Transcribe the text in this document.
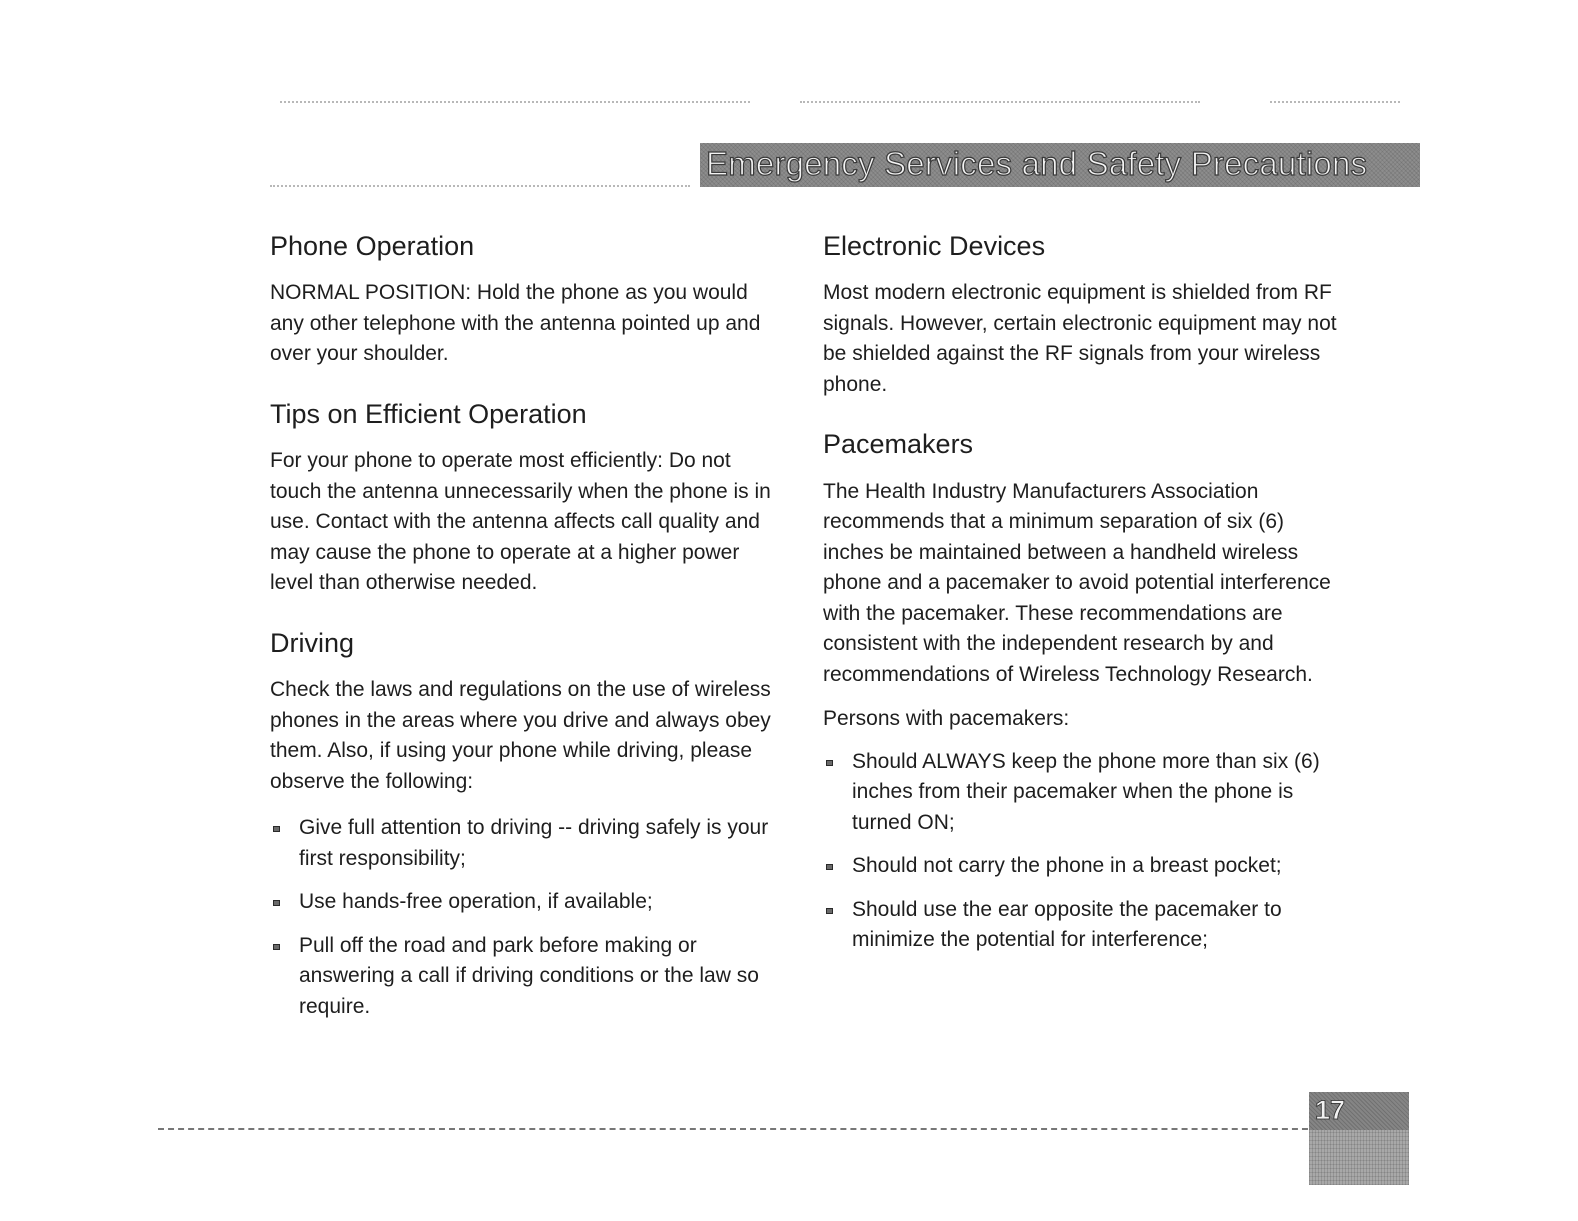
Emergency Services and Safety Precautions
Phone Operation

NORMAL POSITION: Hold the phone as you would any other telephone with the antenna pointed up and over your shoulder.

Tips on Efficient Operation

For your phone to operate most efficiently: Do not touch the antenna unnecessarily when the phone is in use. Contact with the antenna affects call quality and may cause the phone to operate at a higher power level than otherwise needed.

Driving

Check the laws and regulations on the use of wireless phones in the areas where you drive and always obey them. Also, if using your phone while driving, please observe the following:

Give full attention to driving -- driving safely is your first responsibility;
Use hands-free operation, if available;
Pull off the road and park before making or answering a call if driving conditions or the law so require.
Electronic Devices

Most modern electronic equipment is shielded from RF signals. However, certain electronic equipment may not be shielded against the RF signals from your wireless phone.

Pacemakers

The Health Industry Manufacturers Association recommends that a minimum separation of six (6) inches be maintained between a handheld wireless phone and a pacemaker to avoid potential interference with the pacemaker. These recommendations are consistent with the independent research by and recommendations of Wireless Technology Research.

Persons with pacemakers:

Should ALWAYS keep the phone more than six (6) inches from their pacemaker when the phone is turned ON;
Should not carry the phone in a breast pocket;
Should use the ear opposite the pacemaker to minimize the potential for interference;
17
